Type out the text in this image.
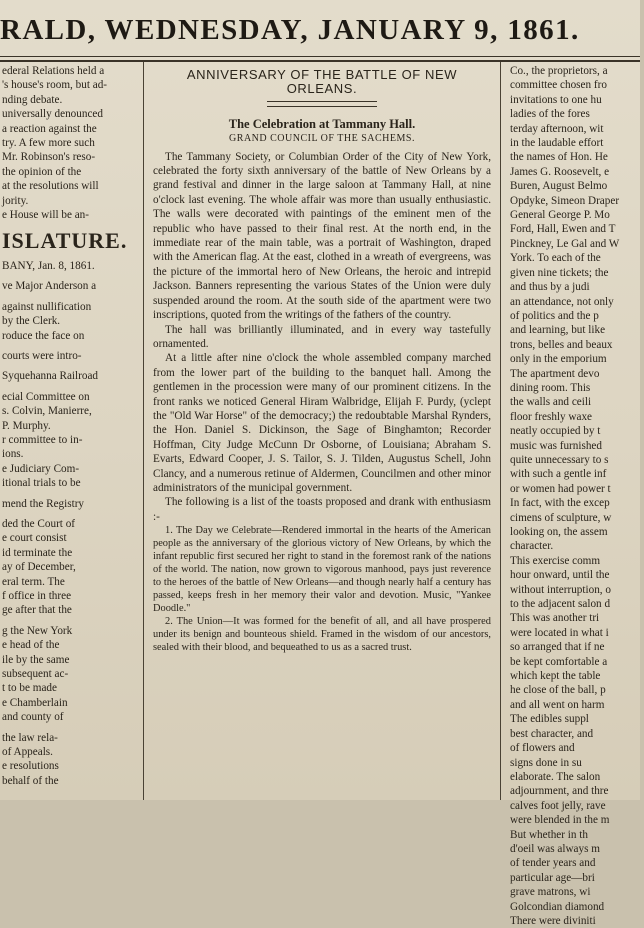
RALD, WEDNESDAY, JANUARY 9, 1861.
ederal Relations held a
's house's room, but ad-
nding debate.
universally denounced
a reaction against the
try. A few more such
Mr. Robinson's reso-
the opinion of the
at the resolutions will
jority.
e House will be an-
ISLATURE.
BANY, Jan. 8, 1861.
ve Major Anderson a

against nullification
by the Clerk.
roduce the face on

courts were intro-

Syquehanna Railroad

ecial Committee on
s. Colvin, Manierre,
P. Murphy.
r committee to in-
ions.
e Judiciary Com-
itional trials to be

mend the Registry

ded the Court of
e court consist
id terminate the
ay of December,
eral term. The
f office in three
ge after that the

g the New York
e head of the
ile by the same
subsequent ac-
t to be made
e Chamberlain
and county of

the law rela-
of Appeals.
e resolutions
behalf of the
ANNIVERSARY OF THE BATTLE OF NEW ORLEANS.
The Celebration at Tammany Hall.
GRAND COUNCIL OF THE SACHEMS.

The Tammany Society, or Columbian Order of the City of New York, celebrated the forty sixth anniversary of the battle of New Orleans by a grand festival and dinner in the large saloon at Tammany Hall, at nine o'clock last evening. The whole affair was more than usually enthusiastic. The walls were decorated with paintings of the eminent men of the republic who have passed to their final rest. At the north end, in the immediate rear of the main table, was a portrait of Washington, draped with the American flag. At the east, clothed in a wreath of evergreens, was the picture of the immortal hero of New Orleans, the heroic and intrepid Jackson. Banners representing the various States of the Union were duly suspended around the room. At the south side of the apartment were two inscriptions, quoted from the writings of the fathers of the country.

The hall was brilliantly illuminated, and in every way tastefully ornamented.

At a little after nine o'clock the whole assembled company marched from the lower part of the building to the banquet hall. Among the gentlemen in the procession were many of our prominent citizens. In the front ranks we noticed General Hiram Walbridge, Elijah F. Purdy, (yclept the "Old War Horse" of the democracy;) the redoubtable Marshal Rynders, the Hon. Daniel S. Dickinson, the Sage of Binghamton; Recorder Hoffman, City Judge McCunn Dr Osborne, of Louisiana; Abraham S. Evarts, Edward Cooper, J. S. Tailor, S. J. Tilden, Augustus Schell, John Clancy, and a numerous retinue of Aldermen, Councilmen and other minor administrators of the municipal government.

The following is a list of the toasts proposed and drank with enthusiasm :-

1. The Day we Celebrate—Rendered immortal in the hearts of the American people as the anniversary of the glorious victory of New Orleans, by which the infant republic first secured her right to stand in the foremost rank of the nations of the world. The nation, now grown to vigorous manhood, pays just reverence to the heroes of the battle of New Orleans—and though nearly half a century has passed, keeps fresh in her memory their valor and devotion. Music, "Yankee Doodle."

2. The Union—It was formed for the benefit of all, and all have prospered under its benign and bounteous shield. Framed in the wisdom of our ancestors, sealed with their blood, and bequeathed to us as a sacred trust.

Co., the proprietors, a
committee chosen fro
invitations to one hu
ladies of the fores
terday afternoon, wit
in the laudable effort
the names of Hon. He
James G. Roosevelt, e
Buren, August Belmo
Opdyke, Simeon Draper
General George P. Mo
Ford, Hall, Ewen and T
Pinckney, Le Gal and W
York. To each of the
given nine tickets; the
and thus by a judi
an attendance, not only
of politics and the p
and learning, but like
trons, belles and beaux
only in the emporium
The apartment devo
dining room. This
the walls and ceili
floor freshly waxe
neatly occupied by t
music was furnished
quite unnecessary to s
with such a gentle inf
or women had power t
In fact, with the excep
cimens of sculpture, w
looking on, the assem
character.
This exercise comm
hour onward, until the
without interruption, o
to the adjacent salon d
This was another tri
were located in what i
so arranged that if ne
be kept comfortable a
which kept the table
he close of the ball, p
and all went on harm
The edibles suppl
best character, and
of flowers and
signs done in su
elaborate. The salon
adjournment, and thre
calves foot jelly, rave
were blended in the m
But whether in th
d'oeil was always m
of tender years and
particular age—bri
grave matrons, wi
Golcondian diamond
There were diviniti
